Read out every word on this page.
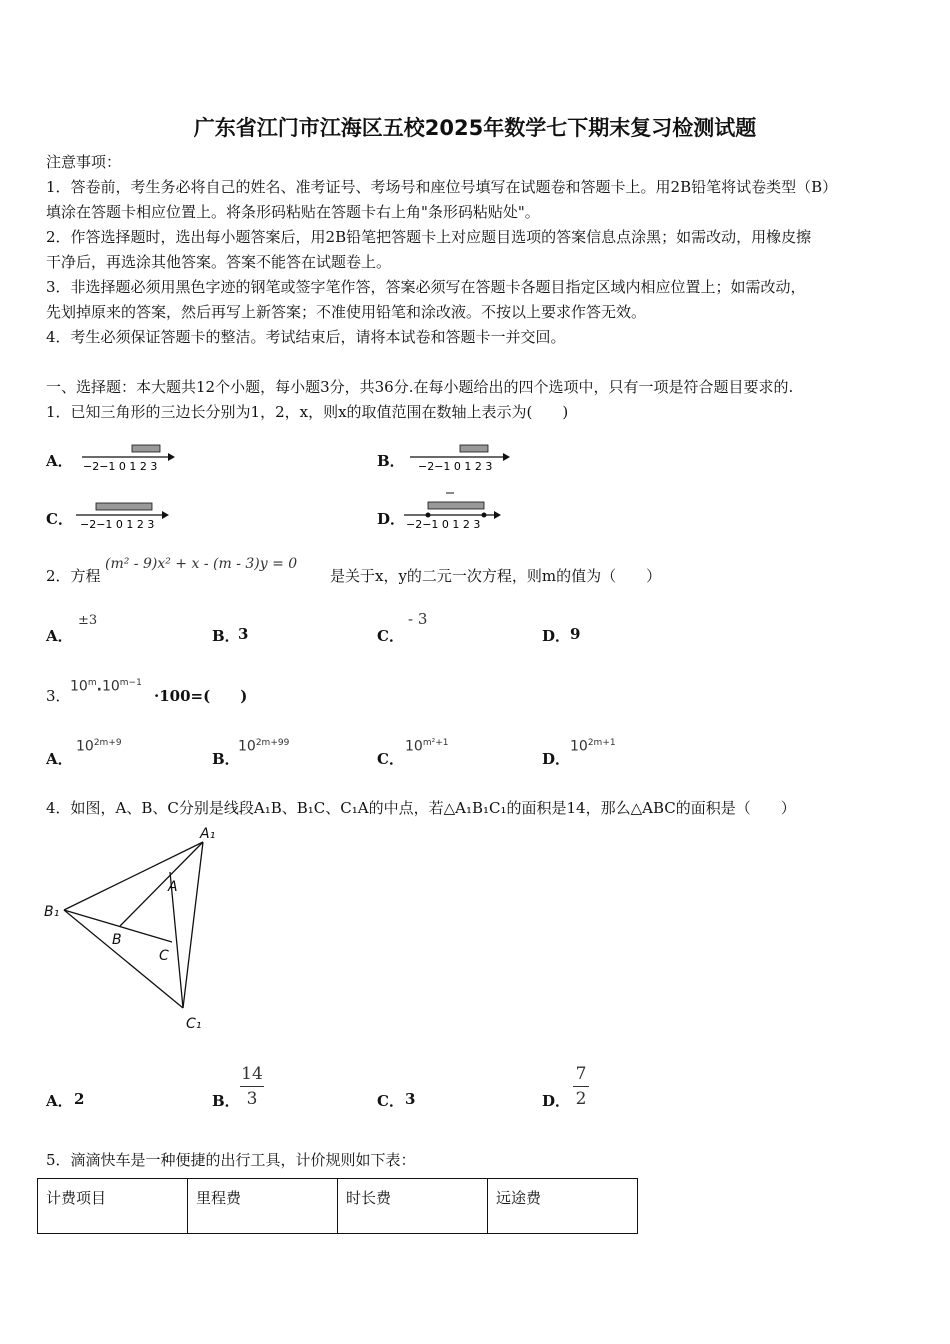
广东省江门市江海区五校2025年数学七下期末复习检测试题
注意事项：
1．答卷前，考生务必将自己的姓名、准考证号、考场号和座位号填写在试题卷和答题卡上。用2B铅笔将试卷类型（B）
填涂在答题卡相应位置上。将条形码粘贴在答题卡右上角"条形码粘贴处"。
2．作答选择题时，选出每小题答案后，用2B铅笔把答题卡上对应题目选项的答案信息点涂黑；如需改动，用橡皮擦
干净后，再选涂其他答案。答案不能答在试题卷上。
3．非选择题必须用黑色字迹的钢笔或签字笔作答，答案必须写在答题卡各题目指定区域内相应位置上；如需改动，
先划掉原来的答案，然后再写上新答案；不准使用铅笔和涂改液。不按以上要求作答无效。
4．考生必须保证答题卡的整洁。考试结束后，请将本试卷和答题卡一并交回。
一、选择题：本大题共12个小题，每小题3分，共36分.在每小题给出的四个选项中，只有一项是符合题目要求的.
1．已知三角形的三边长分别为1，2，x，则x的取值范围在数轴上表示为(　　)
A． −2−1 0 1 2 3	B． −2−1 0 1 2 3
C． −2−1 0 1 2 3	D． −2−1 0 1 2 3
2．方程
(m² - 9)x² + x - (m - 3)y = 0
是关于x，y的二元一次方程，则m的值为（　　）
A．
±3
B．
3	C．
- 3
D． 9
3．
$10^m.10^{m-1}$
·100=(　　)
A．
$10^{2m+9}$
B．
$10^{2m+99}$
C．
$10^{m^2+1}$
D．
$10^{2m+1}$
4．如图，A、B、C分别是线段A₁B、B₁C、C₁A的中点，若△A₁B₁C₁的面积是14，那么△ABC的面积是（　　）
A₁
B₁
C₁
A
B
C
A． 2	B．
14
3	C． 3	D．
7
2
5．滴滴快车是一种便捷的出行工具，计价规则如下表：
计费项目	里程费	时长费	远途费
